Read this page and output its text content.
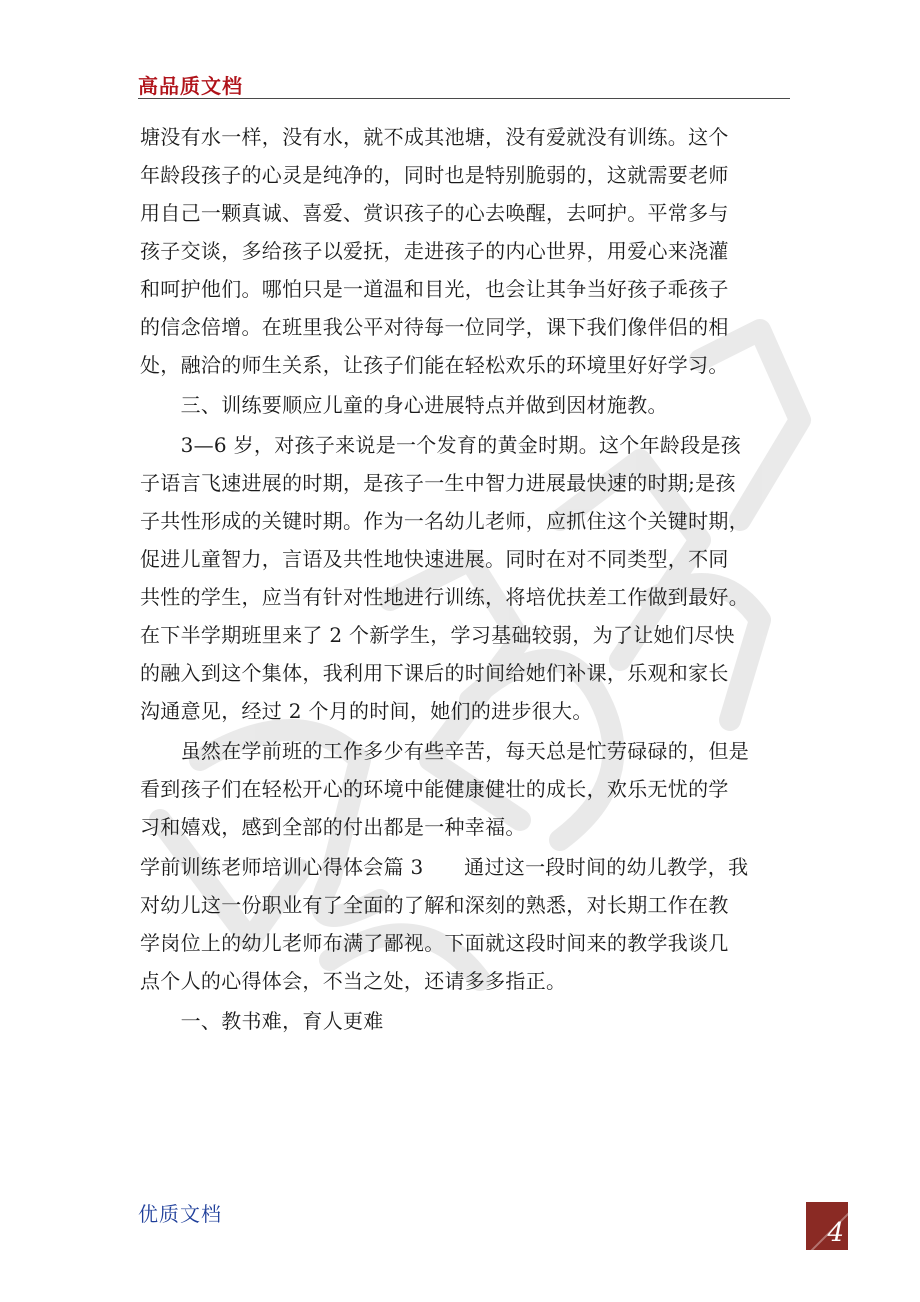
高品质文档
塘没有水一样，没有水，就不成其池塘，没有爱就没有训练。这个
年龄段孩子的心灵是纯净的，同时也是特别脆弱的，这就需要老师
用自己一颗真诚、喜爱、赏识孩子的心去唤醒，去呵护。平常多与
孩子交谈，多给孩子以爱抚，走进孩子的内心世界，用爱心来浇灌
和呵护他们。哪怕只是一道温和目光，也会让其争当好孩子乖孩子
的信念倍增。在班里我公平对待每一位同学，课下我们像伴侣的相
处，融洽的师生关系，让孩子们能在轻松欢乐的环境里好好学习。
　　三、训练要顺应儿童的身心进展特点并做到因材施教。
　　3—6 岁，对孩子来说是一个发育的黄金时期。这个年龄段是孩
子语言飞速进展的时期，是孩子一生中智力进展最快速的时期;是孩
子共性形成的关键时期。作为一名幼儿老师，应抓住这个关键时期，
促进儿童智力，言语及共性地快速进展。同时在对不同类型，不同
共性的学生，应当有针对性地进行训练，将培优扶差工作做到最好。
在下半学期班里来了 2 个新学生，学习基础较弱，为了让她们尽快
的融入到这个集体，我利用下课后的时间给她们补课，乐观和家长
沟通意见，经过 2 个月的时间，她们的进步很大。
　　虽然在学前班的工作多少有些辛苦，每天总是忙劳碌碌的，但是
看到孩子们在轻松开心的环境中能健康健壮的成长，欢乐无忧的学
习和嬉戏，感到全部的付出都是一种幸福。
学前训练老师培训心得体会篇 3　　通过这一段时间的幼儿教学，我
对幼儿这一份职业有了全面的了解和深刻的熟悉，对长期工作在教
学岗位上的幼儿老师布满了鄙视。下面就这段时间来的教学我谈几
点个人的心得体会，不当之处，还请多多指正。
　　一、教书难，育人更难
优质文档
4
